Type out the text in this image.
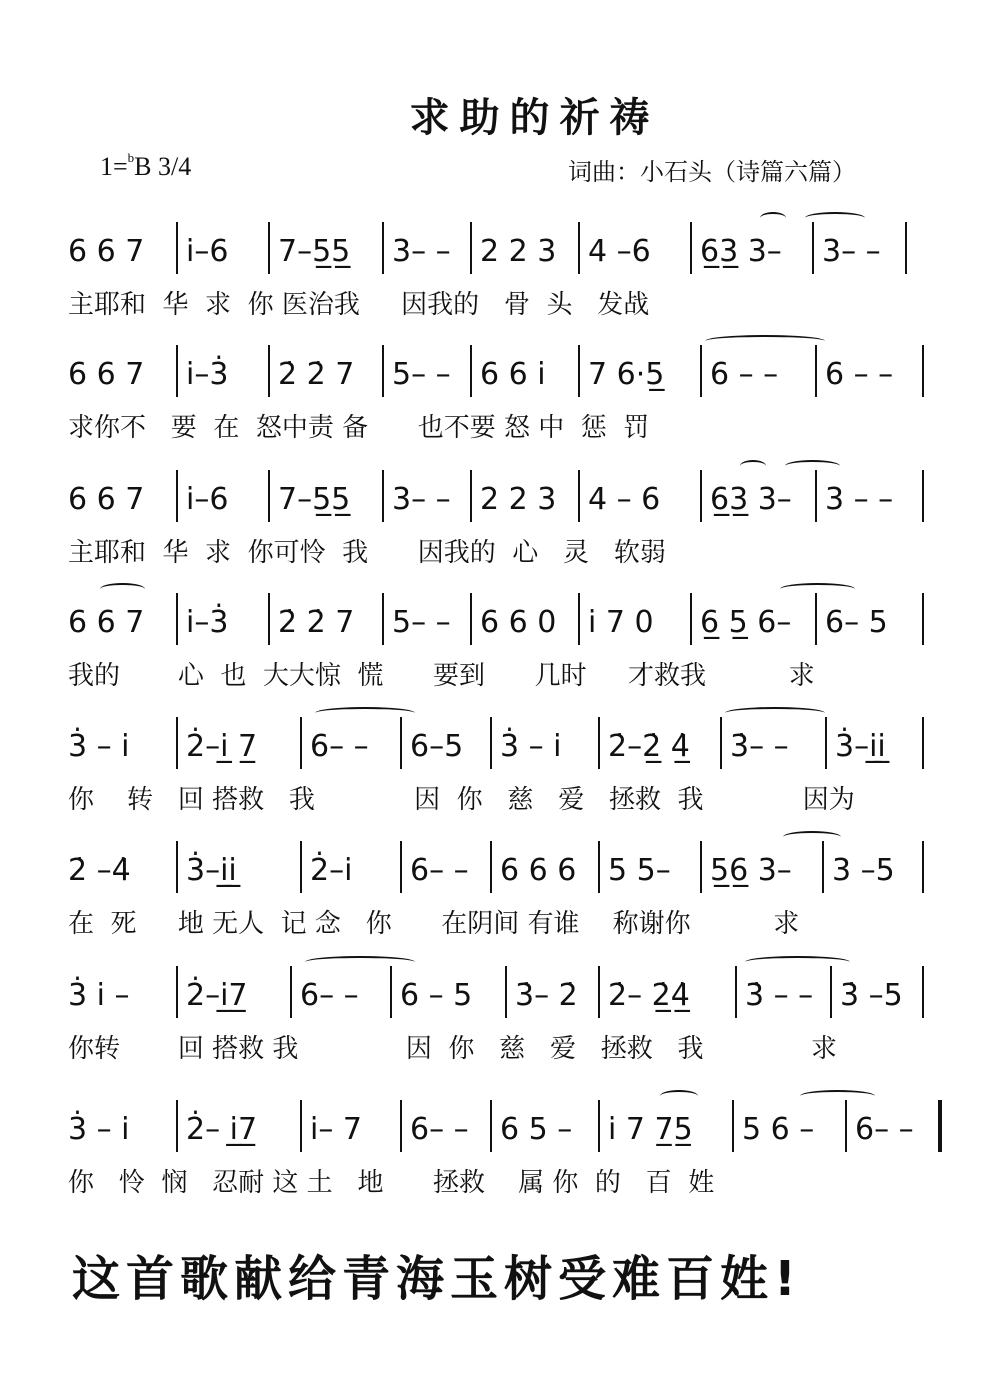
求助的祈祷
1=$^b$B 3/4	词曲：小石头（诗篇六篇）
6 6 7 i̇–6 7–5̲5̲ 3– – 2 2 3 4 –6 6̲3̲ 3– 3– –
主耶和  华  求  你 医治我     因我的   骨  头   发战
6 6 7 i̇–3̇ 2̇ 2̇ 7 5– – 6 6 i̇ 7 6·5̲ 6 – – 6 – –
求你不   要  在  怒中责 备      也不要 怒 中  惩  罚
6 6 7 i̇–6 7–5̲5̲ 3– – 2 2 3 4 – 6 6̲3̲ 3– 3 – –
主耶和  华  求  你可怜  我      因我的  心   灵   软弱
6 6 7 i̇–3̇ 2̇ 2̇ 7 5– – 6 6 0 i̇ 7 0 6̲ 5̲ 6– 6– 5
我的       心  也  大大惊  慌      要到      几时     才救我          求
3̇ – i̇ 2̇–i̲̇ 7̲ 6– – 6–5 3̇ – i̇ 2̇–2̲̇ 4̲̇ 3̇– – 3̇–i̲̇i̲̇
你    转   回 搭救   我            因  你   慈   爱   拯救  我            因为
2̇ –4̇ 3̇–i̲̇i̲̇ 2̇–i̇ 6– – 6 6 6 5 5– 5̲6̲ 3– 3 –5
在  死     地 无人  记 念   你      在阴间 有谁    称谢你          求
3̇ i̇ – 2̇–i̲̇7̲ 6– – 6 – 5 3̇– 2̇ 2̇– 2̲̇4̲̇ 3̇ – – 3̇ –5
你转       回 搭救 我             因  你   慈   爱   拯救   我             求
3̇ – i̇ 2̇– i̲̇7̲ i̇– 7 6– – 6 5 – i̇ 7 7̲5̲ 5 6 – 6– –
你   怜  悯   忍耐 这 土   地      拯救    属 你  的   百  姓
这首歌献给青海玉树受难百姓!
